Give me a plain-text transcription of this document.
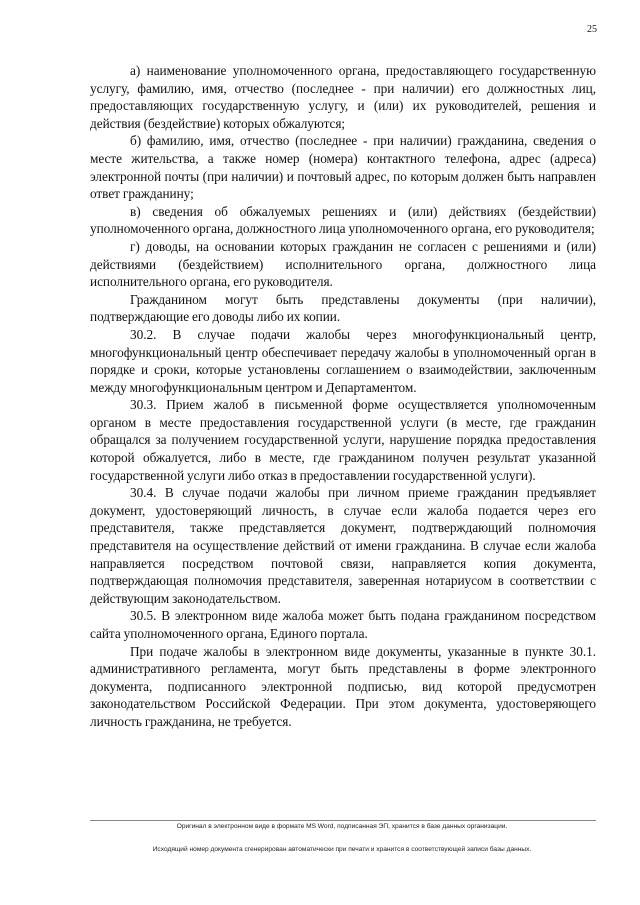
25

а) наименование уполномоченного органа, предоставляющего государственную услугу, фамилию, имя, отчество (последнее - при наличии) его должностных лиц, предоставляющих государственную услугу, и (или) их руководителей, решения и действия (бездействие) которых обжалуются;

б) фамилию, имя, отчество (последнее - при наличии) гражданина, сведения о месте жительства, а также номер (номера) контактного телефона, адрес (адреса) электронной почты (при наличии) и почтовый адрес, по которым должен быть направлен ответ гражданину;

в) сведения об обжалуемых решениях и (или) действиях (бездействии) уполномоченного органа, должностного лица уполномоченного органа, его руководителя;

г) доводы, на основании которых гражданин не согласен с решениями и (или) действиями (бездействием) исполнительного органа, должностного лица исполнительного органа, его руководителя.

Гражданином могут быть представлены документы (при наличии), подтверждающие его доводы либо их копии.

30.2. В случае подачи жалобы через многофункциональный центр, многофункциональный центр обеспечивает передачу жалобы в уполномоченный орган в порядке и сроки, которые установлены соглашением о взаимодействии, заключенным между многофункциональным центром и Департаментом.

30.3. Прием жалоб в письменной форме осуществляется уполномоченным органом в месте предоставления государственной услуги (в месте, где гражданин обращался за получением государственной услуги, нарушение порядка предоставления которой обжалуется, либо в месте, где гражданином получен результат указанной государственной услуги либо отказ в предоставлении государственной услуги).

30.4. В случае подачи жалобы при личном приеме гражданин предъявляет документ, удостоверяющий личность, в случае если жалоба подается через его представителя, также представляется документ, подтверждающий полномочия представителя на осуществление действий от имени гражданина. В случае если жалоба направляется посредством почтовой связи, направляется копия документа, подтверждающая полномочия представителя, заверенная нотариусом в соответствии с действующим законодательством.

30.5. В электронном виде жалоба может быть подана гражданином посредством сайта уполномоченного органа, Единого портала.

При подаче жалобы в электронном виде документы, указанные в пункте 30.1. административного регламента, могут быть представлены в форме электронного документа, подписанного электронной подписью, вид которой предусмотрен законодательством Российской Федерации. При этом документа, удостоверяющего личность гражданина, не требуется.

Оригинал в электронном виде в формате MS Word, подписанная ЭП, хранится в базе данных организации.
Исходящий номер документа сгенерирован автоматически при печати и хранится в соответствующей записи базы данных.
